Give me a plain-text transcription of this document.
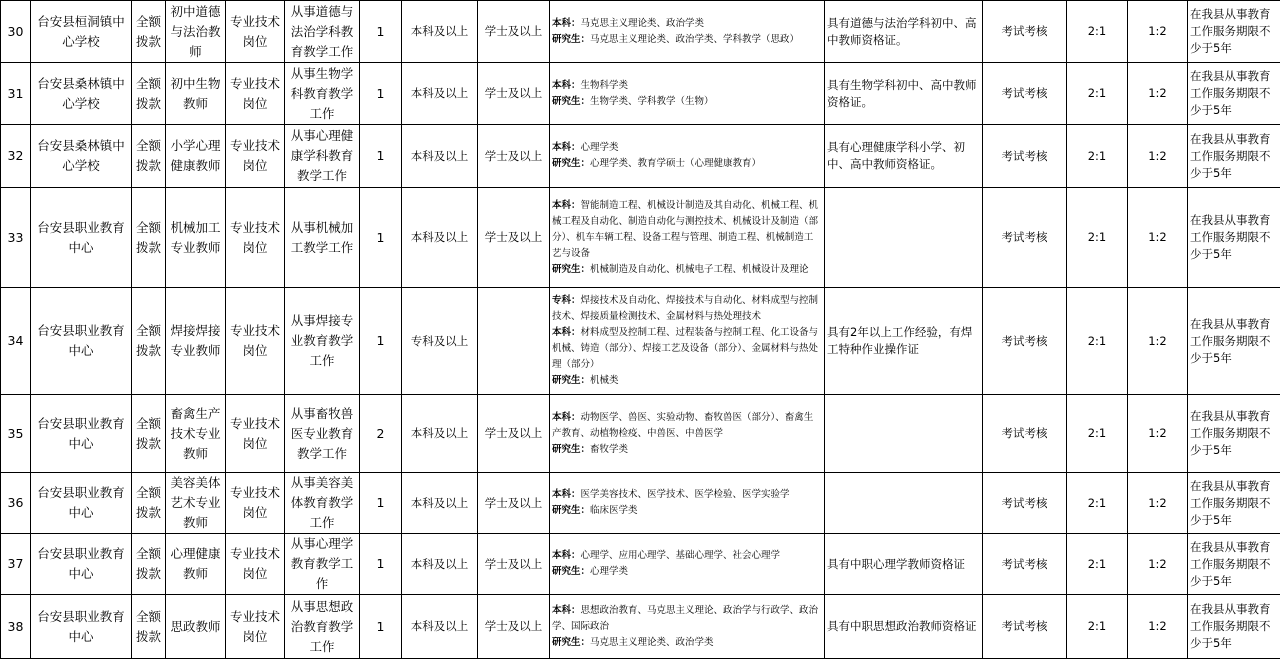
30	台安县桓洞镇中心学校	全额拨款	初中道德与法治教师	专业技术岗位	从事道德与法治学科教育教学工作	1	本科及以上	学士及以上	本科：马克思主义理论类、政治学类
研究生：马克思主义理论类、政治学类、学科教学（思政）	具有道德与法治学科初中、高中教师资格证。	考试考核	2:1	1:2	在我县从事教育工作服务期限不少于5年
31	台安县桑林镇中心学校	全额拨款	初中生物教师	专业技术岗位	从事生物学科教育教学工作	1	本科及以上	学士及以上	本科：生物科学类
研究生：生物学类、学科教学（生物）	具有生物学科初中、高中教师资格证。	考试考核	2:1	1:2	在我县从事教育工作服务期限不少于5年
32	台安县桑林镇中心学校	全额拨款	小学心理健康教师	专业技术岗位	从事心理健康学科教育教学工作	1	本科及以上	学士及以上	本科：心理学类
研究生：心理学类、教育学硕士（心理健康教育）	具有心理健康学科小学、初中、高中教师资格证。	考试考核	2:1	1:2	在我县从事教育工作服务期限不少于5年
33	台安县职业教育中心	全额拨款	机械加工专业教师	专业技术岗位	从事机械加工教学工作	1	本科及以上	学士及以上	本科：智能制造工程、机械设计制造及其自动化、机械工程、机械工程及自动化、制造自动化与测控技术、机械设计及制造（部分）、机车车辆工程、设备工程与管理、制造工程、机械制造工艺与设备
研究生：机械制造及自动化、机械电子工程、机械设计及理论		考试考核	2:1	1:2	在我县从事教育工作服务期限不少于5年
34	台安县职业教育中心	全额拨款	焊接焊接专业教师	专业技术岗位	从事焊接专业教育教学工作	1	专科及以上		专科：焊接技术及自动化、焊接技术与自动化、材料成型与控制技术、焊接质量检测技术、金属材料与热处理技术
本科：材料成型及控制工程、过程装备与控制工程、化工设备与机械、铸造（部分）、焊接工艺及设备（部分）、金属材料与热处理（部分）
研究生：机械类	具有2年以上工作经验，有焊工特种作业操作证	考试考核	2:1	1:2	在我县从事教育工作服务期限不少于5年
35	台安县职业教育中心	全额拨款	畜禽生产技术专业教师	专业技术岗位	从事畜牧兽医专业教育教学工作	2	本科及以上	学士及以上	本科：动物医学、兽医、实验动物、畜牧兽医（部分）、畜禽生产教育、动植物检疫、中兽医、中兽医学
研究生：畜牧学类		考试考核	2:1	1:2	在我县从事教育工作服务期限不少于5年
36	台安县职业教育中心	全额拨款	美容美体艺术专业教师	专业技术岗位	从事美容美体教育教学工作	1	本科及以上	学士及以上	本科：医学美容技术、医学技术、医学检验、医学实验学
研究生：临床医学类		考试考核	2:1	1:2	在我县从事教育工作服务期限不少于5年
37	台安县职业教育中心	全额拨款	心理健康教师	专业技术岗位	从事心理学教育教学工作	1	本科及以上	学士及以上	本科：心理学、应用心理学、基础心理学、社会心理学
研究生：心理学类	具有中职心理学教师资格证	考试考核	2:1	1:2	在我县从事教育工作服务期限不少于5年
38	台安县职业教育中心	全额拨款	思政教师	专业技术岗位	从事思想政治教育教学工作	1	本科及以上	学士及以上	本科：思想政治教育、马克思主义理论、政治学与行政学、政治学、国际政治
研究生：马克思主义理论类、政治学类	具有中职思想政治教师资格证	考试考核	2:1	1:2	在我县从事教育工作服务期限不少于5年
